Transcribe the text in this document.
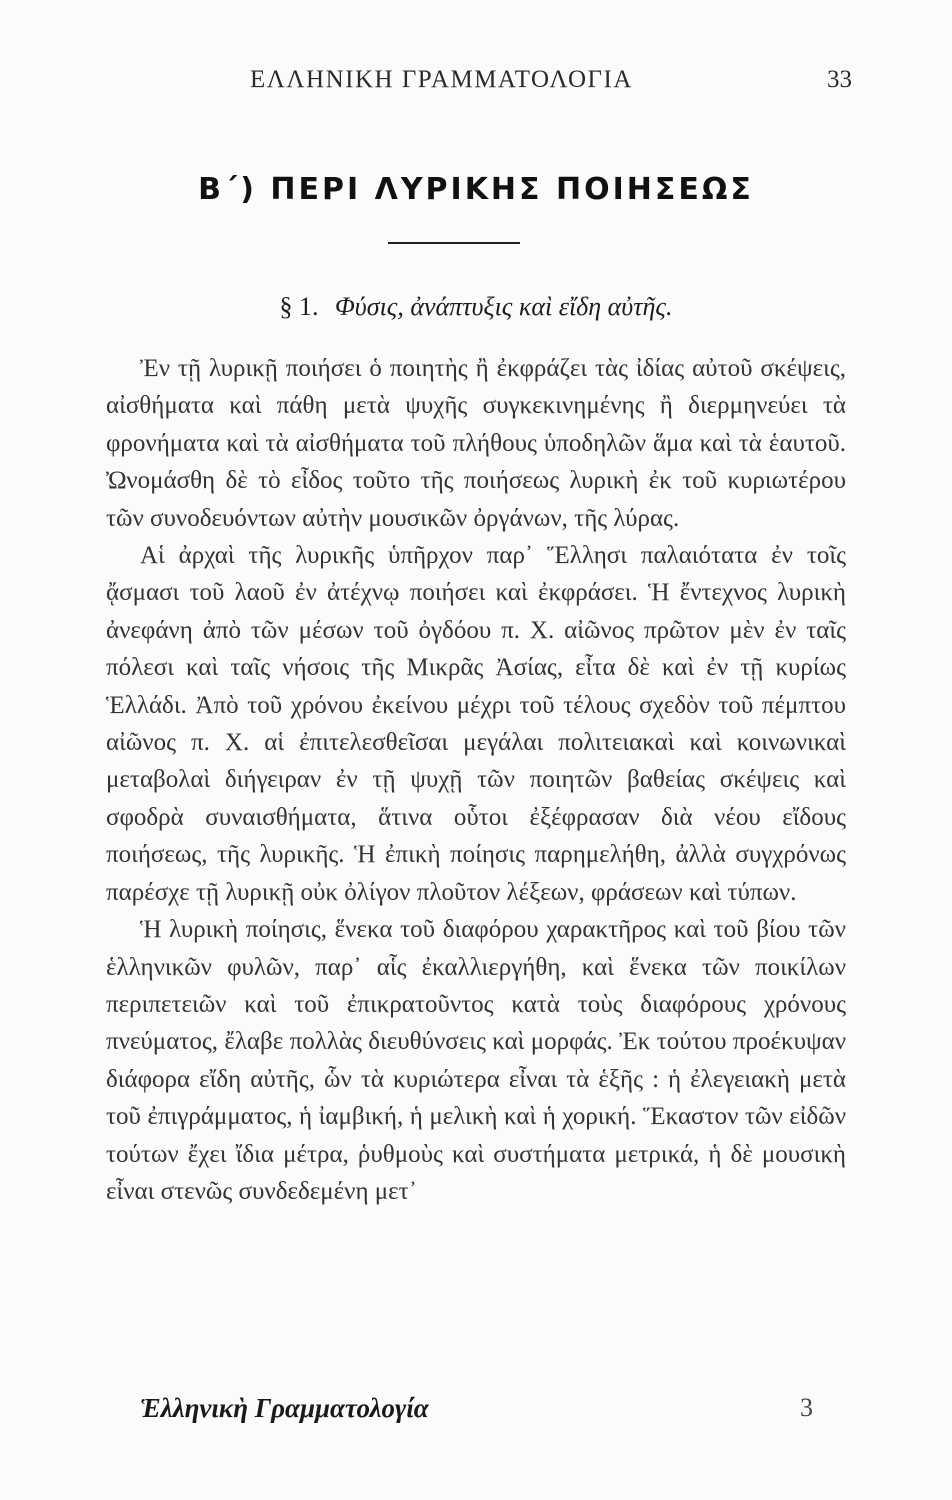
ΕΛΛΗΝΙΚΗ ΓΡΑΜΜΑΤΟΛΟΓΙΑ	33
Β΄) ΠΕΡΙ ΛΥΡΙΚΗΣ ΠΟΙΗΣΕΩΣ
§ 1. Φύσις, ἀνάπτυξις καὶ εἴδη αὐτῆς.

Ἐν τῇ λυρικῇ ποιήσει ὁ ποιητὴς ἢ ἐκφράζει τὰς ἰδίας αὐτοῦ σκέψεις, αἰσθήματα καὶ πάθη μετὰ ψυχῆς συγκεκινημένης ἢ διερμηνεύει τὰ φρονήματα καὶ τὰ αἰσθήματα τοῦ πλήθους ὑποδηλῶν ἅμα καὶ τὰ ἑαυτοῦ. Ὠνομάσθη δὲ τὸ εἶδος τοῦτο τῆς ποιήσεως λυρικὴ ἐκ τοῦ κυριωτέρου τῶν συνοδευόντων αὐτὴν μουσικῶν ὀργάνων, τῆς λύρας.

Αἱ ἀρχαὶ τῆς λυρικῆς ὑπῆρχον παρ᾽ Ἕλλησι παλαιότατα ἐν τοῖς ᾄσμασι τοῦ λαοῦ ἐν ἀτέχνῳ ποιήσει καὶ ἐκφράσει. Ἡ ἔντεχνος λυρικὴ ἀνεφάνη ἀπὸ τῶν μέσων τοῦ ὀγδόου π. Χ. αἰῶνος πρῶτον μὲν ἐν ταῖς πόλεσι καὶ ταῖς νήσοις τῆς Μικρᾶς Ἀσίας, εἶτα δὲ καὶ ἐν τῇ κυρίως Ἑλλάδι. Ἀπὸ τοῦ χρόνου ἐκείνου μέχρι τοῦ τέλους σχεδὸν τοῦ πέμπτου αἰῶνος π. Χ. αἱ ἐπιτελεσθεῖσαι μεγάλαι πολιτειακαὶ καὶ κοινωνικαὶ μεταβολαὶ διήγειραν ἐν τῇ ψυχῇ τῶν ποιητῶν βαθείας σκέψεις καὶ σφοδρὰ συναισθήματα, ἅτινα οὗτοι ἐξέφρασαν διὰ νέου εἴδους ποιήσεως, τῆς λυρικῆς. Ἡ ἐπικὴ ποίησις παρημελήθη, ἀλλὰ συγχρόνως παρέσχε τῇ λυρικῇ οὐκ ὀλίγον πλοῦτον λέξεων, φράσεων καὶ τύπων.

Ἡ λυρικὴ ποίησις, ἕνεκα τοῦ διαφόρου χαρακτῆρος καὶ τοῦ βίου τῶν ἑλληνικῶν φυλῶν, παρ᾽ αἷς ἐκαλλιεργήθη, καὶ ἕνεκα τῶν ποικίλων περιπετειῶν καὶ τοῦ ἐπικρατοῦντος κατὰ τοὺς διαφόρους χρόνους πνεύματος, ἔλαβε πολλὰς διευθύνσεις καὶ μορφάς. Ἐκ τούτου προέκυψαν διάφορα εἴδη αὐτῆς, ὧν τὰ κυριώτερα εἶναι τὰ ἑξῆς : ἡ ἐλεγειακὴ μετὰ τοῦ ἐπιγράμματος, ἡ ἰαμβική, ἡ μελικὴ καὶ ἡ χορική. Ἕκαστον τῶν εἰδῶν τούτων ἔχει ἴδια μέτρα, ῥυθμοὺς καὶ συστήματα μετρικά, ἡ δὲ μουσικὴ εἶναι στενῶς συνδεδεμένη μετ᾽

Ἑλληνικὴ Γραμματολογία	3
